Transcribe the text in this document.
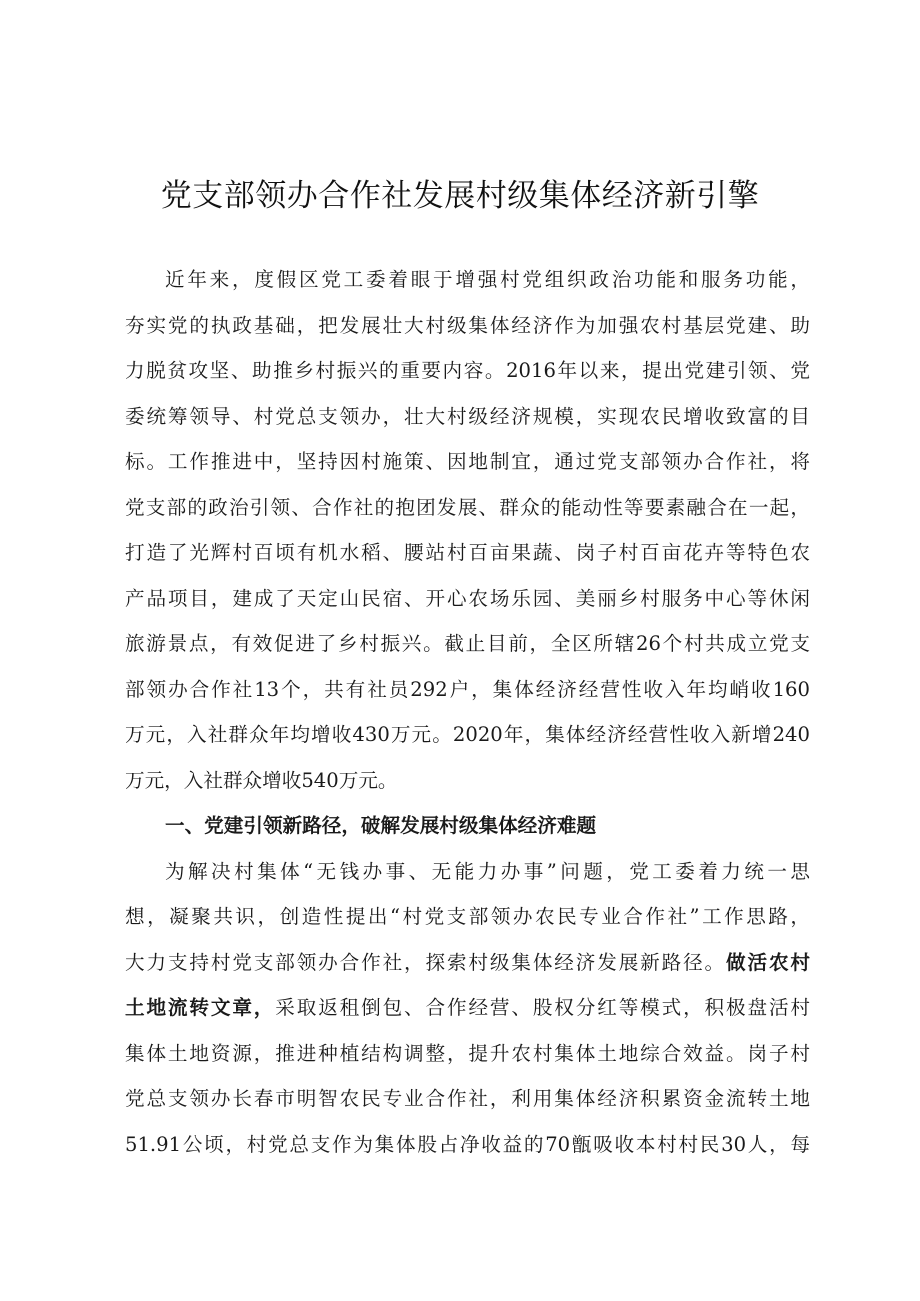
党支部领办合作社发展村级集体经济新引擎
近年来，度假区党工委着眼于增强村党组织政治功能和服务功能，
夯实党的执政基础，把发展壮大村级集体经济作为加强农村基层党建、助
力脱贫攻坚、助推乡村振兴的重要内容。2016年以来，提出党建引领、党
委统筹领导、村党总支领办，壮大村级经济规模，实现农民增收致富的目
标。工作推进中，坚持因村施策、因地制宜，通过党支部领办合作社，将
党支部的政治引领、合作社的抱团发展、群众的能动性等要素融合在一起，
打造了光辉村百顷有机水稻、腰站村百亩果蔬、岗子村百亩花卉等特色农
产品项目，建成了天定山民宿、开心农场乐园、美丽乡村服务中心等休闲
旅游景点，有效促进了乡村振兴。截止目前，全区所辖26个村共成立党支
部领办合作社13个，共有社员292户，集体经济经营性收入年均峭收160
万元，入社群众年均增收430万元。2020年，集体经济经营性收入新增240
万元，入社群众增收540万元。
一、党建引领新路径，破解发展村级集体经济难题
为解决村集体“无钱办事、无能力办事”问题，党工委着力统一思
想，凝聚共识，创造性提出“村党支部领办农民专业合作社”工作思路，
大力支持村党支部领办合作社，探索村级集体经济发展新路径。做活农村
土地流转文章，采取返租倒包、合作经营、股权分红等模式，积极盘活村
集体土地资源，推进种植结构调整，提升农村集体土地综合效益。岗子村
党总支领办长春市明智农民专业合作社，利用集体经济积累资金流转土地
51.91公顷，村党总支作为集体股占净收益的70甑吸收本村村民30人，每
